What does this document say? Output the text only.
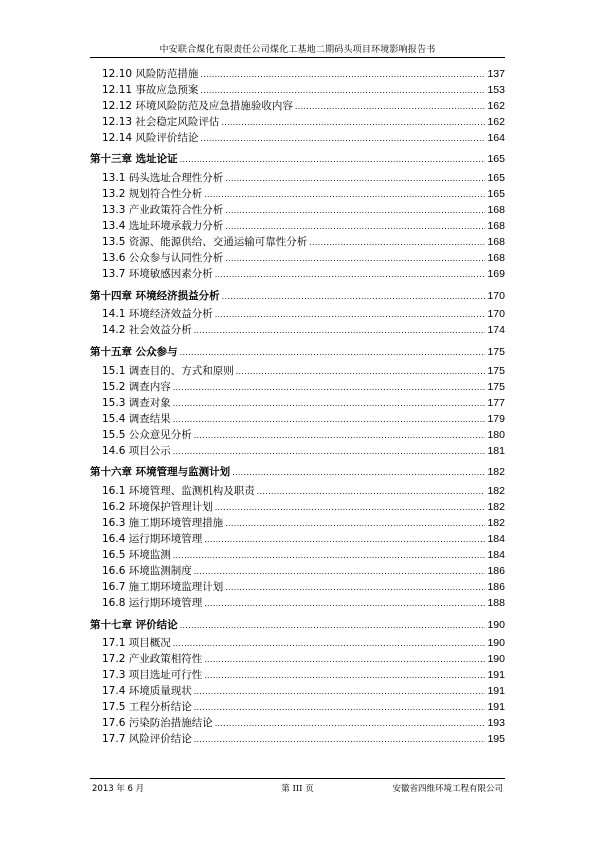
中安联合煤化有限责任公司煤化工基地二期码头项目环境影响报告书
12.10 风险防范措施 .....	137
12.11 事故应急预案 .....	153
12.12 环境风险防范及应急措施验收内容 .....	162
12.13 社会稳定风险评估 .....	162
12.14 风险评价结论 .....	164
第十三章 选址论证 .....	165
13.1 码头选址合理性分析 .....	165
13.2 规划符合性分析 .....	165
13.3 产业政策符合性分析 .....	168
13.4 选址环境承载力分析 .....	168
13.5 资源、能源供给、交通运输可靠性分析 .....	168
13.6 公众参与认同性分析 .....	168
13.7 环境敏感因素分析 .....	169
第十四章 环境经济损益分析 .....	170
14.1 环境经济效益分析 .....	170
14.2 社会效益分析 .....	174
第十五章 公众参与 .....	175
15.1 调查目的、方式和原则 .....	175
15.2 调查内容 .....	175
15.3 调查对象 .....	177
15.4 调查结果 .....	179
15.5 公众意见分析 .....	180
14.6 项目公示 .....	181
第十六章 环境管理与监测计划 .....	182
16.1 环境管理、监测机构及职责 .....	182
16.2 环境保护管理计划 .....	182
16.3 施工期环境管理措施 .....	182
16.4 运行期环境管理 .....	184
16.5 环境监测 .....	184
16.6 环境监测制度 .....	186
16.7 施工期环境监理计划 .....	186
16.8 运行期环境管理 .....	188
第十七章 评价结论 .....	190
17.1 项目概况 .....	190
17.2 产业政策相符性 .....	190
17.3 项目选址可行性 .....	191
17.4 环境质量现状 .....	191
17.5 工程分析结论 .....	191
17.6 污染防治措施结论 .....	193
17.7 风险评价结论 .....	195
2013 年 6 月	第 III 页	安徽省四维环境工程有限公司
